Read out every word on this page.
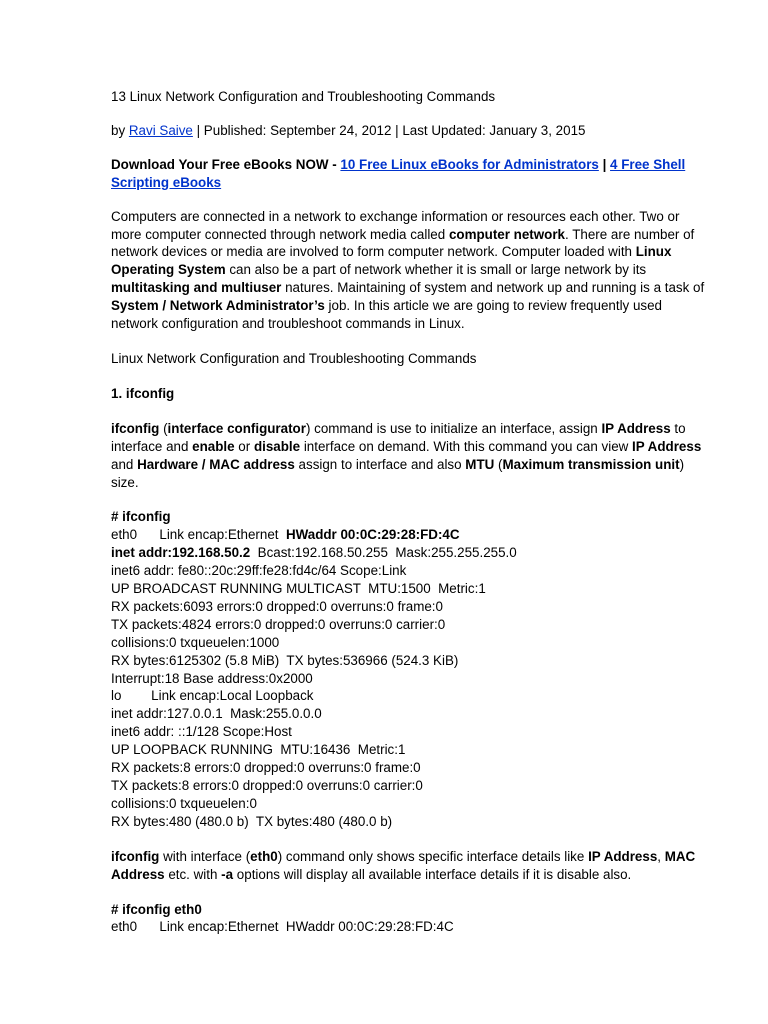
13 Linux Network Configuration and Troubleshooting Commands

by Ravi Saive | Published: September 24, 2012 | Last Updated: January 3, 2015

Download Your Free eBooks NOW - 10 Free Linux eBooks for Administrators | 4 Free Shell Scripting eBooks

Computers are connected in a network to exchange information or resources each other. Two or more computer connected through network media called computer network. There are number of network devices or media are involved to form computer network. Computer loaded with Linux Operating System can also be a part of network whether it is small or large network by its multitasking and multiuser natures. Maintaining of system and network up and running is a task of System / Network Administrator’s job. In this article we are going to review frequently used network configuration and troubleshoot commands in Linux.

Linux Network Configuration and Troubleshooting Commands

1. ifconfig

ifconfig (interface configurator) command is use to initialize an interface, assign IP Address to interface and enable or disable interface on demand. With this command you can view IP Address and Hardware / MAC address assign to interface and also MTU (Maximum transmission unit) size.

# ifconfig
eth0      Link encap:Ethernet  HWaddr 00:0C:29:28:FD:4C
inet addr:192.168.50.2  Bcast:192.168.50.255  Mask:255.255.255.0
inet6 addr: fe80::20c:29ff:fe28:fd4c/64 Scope:Link
UP BROADCAST RUNNING MULTICAST  MTU:1500  Metric:1
RX packets:6093 errors:0 dropped:0 overruns:0 frame:0
TX packets:4824 errors:0 dropped:0 overruns:0 carrier:0
collisions:0 txqueuelen:1000
RX bytes:6125302 (5.8 MiB)  TX bytes:536966 (524.3 KiB)
Interrupt:18 Base address:0x2000
lo        Link encap:Local Loopback
inet addr:127.0.0.1  Mask:255.0.0.0
inet6 addr: ::1/128 Scope:Host
UP LOOPBACK RUNNING  MTU:16436  Metric:1
RX packets:8 errors:0 dropped:0 overruns:0 frame:0
TX packets:8 errors:0 dropped:0 overruns:0 carrier:0
collisions:0 txqueuelen:0
RX bytes:480 (480.0 b)  TX bytes:480 (480.0 b)

ifconfig with interface (eth0) command only shows specific interface details like IP Address, MAC Address etc. with -a options will display all available interface details if it is disable also.

# ifconfig eth0
eth0      Link encap:Ethernet  HWaddr 00:0C:29:28:FD:4C
